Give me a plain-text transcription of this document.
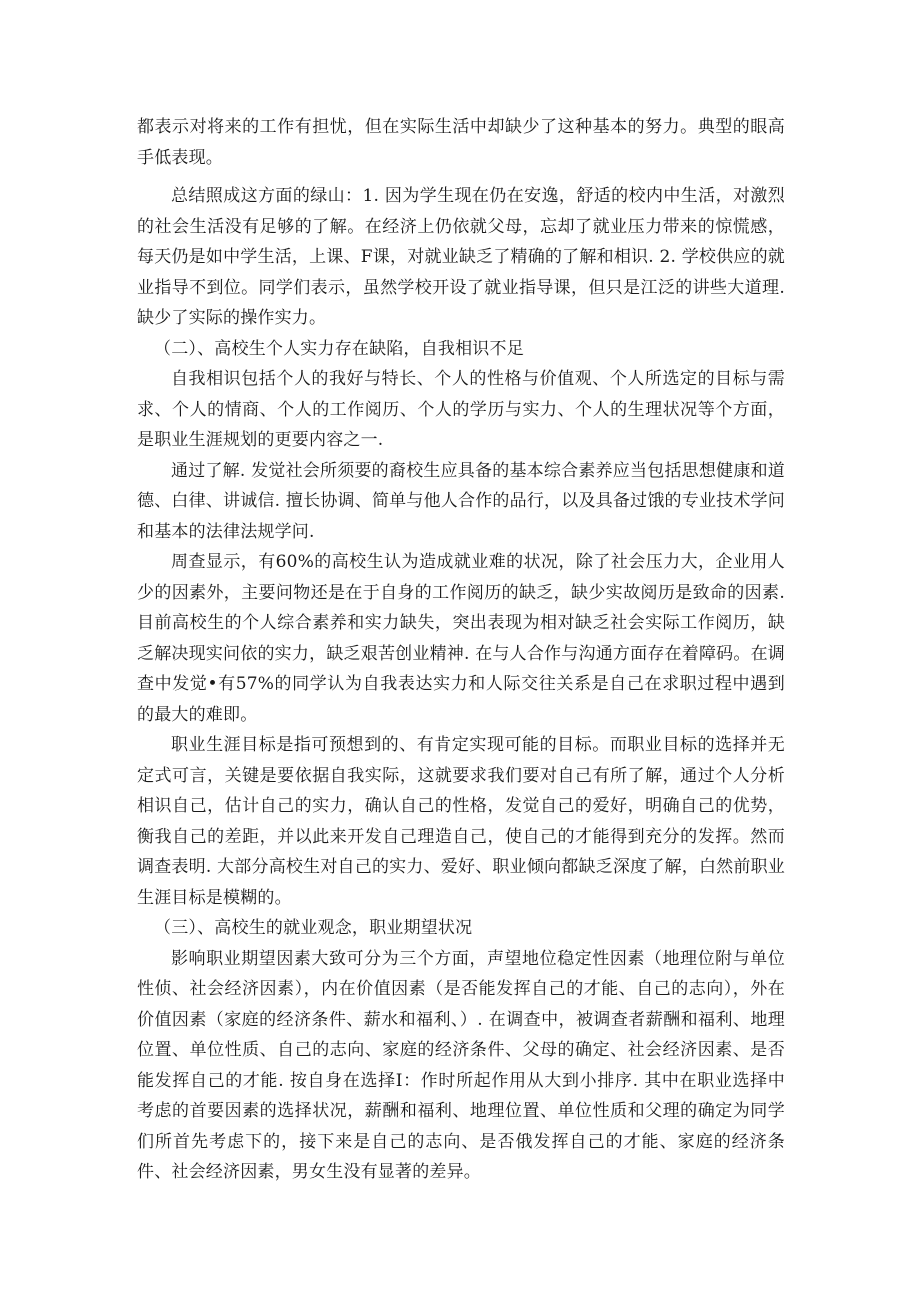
都表示对将来的工作有担忧，但在实际生活中却缺少了这种基本的努力。典型的眼高手低表现。

总结照成这方面的绿山：1. 因为学生现在仍在安逸，舒适的校内中生活，对激烈的社会生活没有足够的了解。在经济上仍依就父母，忘却了就业压力带来的惊慌感，每天仍是如中学生活，上课、F课，对就业缺乏了精确的了解和相识. 2. 学校供应的就业指导不到位。同学们表示，虽然学校开设了就业指导课，但只是江泛的讲些大道理. 缺少了实际的操作实力。

（二）、高校生个人实力存在缺陷，自我相识不足

自我相识包括个人的我好与特长、个人的性格与价值观、个人所选定的目标与需求、个人的情商、个人的工作阅历、个人的学历与实力、个人的生理状况等个方面，是职业生涯规划的更要内容之一.

通过了解. 发觉社会所须要的裔校生应具备的基本综合素养应当包括思想健康和道德、白律、讲诚信. 擅长协调、简单与他人合作的品行，以及具备过饿的专业技术学问和基本的法律法规学问.

周查显示，有60%的高校生认为造成就业难的状况，除了社会压力大，企业用人少的因素外，主要问物还是在于自身的工作阅历的缺乏，缺少实故阅历是致命的因素. 目前高校生的个人综合素养和实力缺失，突出表现为相对缺乏社会实际工作阅历，缺乏解决现实问依的实力，缺乏艰苦创业精神. 在与人合作与沟通方面存在着障码。在调查中发觉•有57%的同学认为自我表达实力和人际交往关系是自己在求职过程中遇到的最大的难即。

职业生涯目标是指可预想到的、有肯定实现可能的目标。而职业目标的选择并无定式可言，关键是要依据自我实际，这就要求我们要对自己有所了解，通过个人分析相识自己，估计自己的实力，确认自己的性格，发觉自己的爱好，明确自己的优势，衡我自己的差距，并以此来开发自己理造自己，使自己的才能得到充分的发挥。然而调查表明. 大部分高校生对自己的实力、爱好、职业倾向都缺乏深度了解，白然前职业生涯目标是模糊的。

（三）、高校生的就业观念，职业期望状况

影响职业期望因素大致可分为三个方面，声望地位稳定性因素（地理位附与单位性侦、社会经济因素），内在价值因素（是否能发挥自己的才能、自己的志向），外在价值因素（家庭的经济条件、薪水和福利、）. 在调查中，被调查者薪酬和福利、地理位置、单位性质、自己的志向、家庭的经济条件、父母的确定、社会经济因素、是否能发挥自己的才能. 按自身在选择I：作时所起作用从大到小排序. 其中在职业选择中考虑的首要因素的选择状况，薪酬和福利、地理位置、单位性质和父理的确定为同学们所首先考虑下的，接下来是自己的志向、是否俄发挥自己的才能、家庭的经济条件、社会经济因素，男女生没有显著的差异。
